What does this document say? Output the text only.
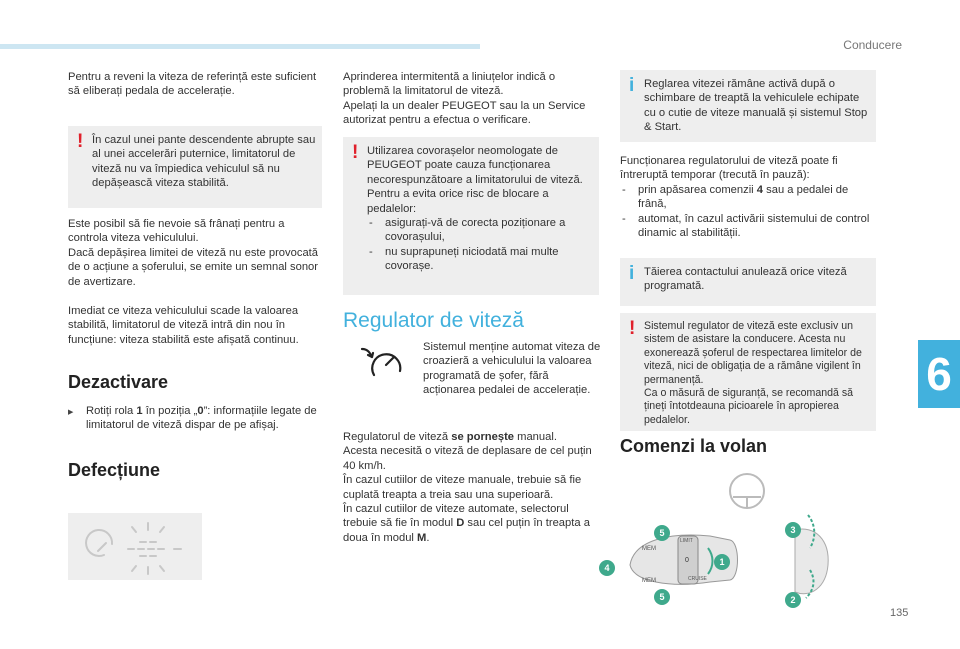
Conducere
6
135
Pentru a reveni la viteza de referință este suficient să eliberați pedala de accelerație.
! În cazul unei pante descendente abrupte sau al unei accelerări puternice, limitatorul de viteză nu va împiedica vehiculul să nu depășească viteza stabilită.
Este posibil să fie nevoie să frânați pentru a controla viteza vehiculului.
Dacă depășirea limitei de viteză nu este provocată de o acțiune a șoferului, se emite un semnal sonor de avertizare.
Imediat ce viteza vehiculului scade la valoarea stabilită, limitatorul de viteză intră din nou în funcțiune: viteza stabilită este afișată continuu.
Dezactivare
▶ Rotiți rola 1 în poziția „0”: informațiile legate de limitatorul de viteză dispar de pe afișaj.
Defecțiune
Aprinderea intermitentă a liniuțelor indică o problemă la limitatorul de viteză.
Apelați la un dealer PEUGEOT sau la un Service autorizat pentru a efectua o verificare.
! Utilizarea covorașelor neomologate de PEUGEOT poate cauza funcționarea necorespunzătoare a limitatorului de viteză.
Pentru a evita orice risc de blocare a pedalelor:
- asigurați-vă de corecta poziționare a covorașului,
- nu suprapuneți niciodată mai multe covorașe.
Regulator de viteză
Sistemul menține automat viteza de croazieră a vehiculului la valoarea programată de șofer, fără acționarea pedalei de accelerație.
Regulatorul de viteză se pornește manual.
Acesta necesită o viteză de deplasare de cel puțin 40 km/h.
În cazul cutiilor de viteze manuale, trebuie să fie cuplată treapta a treia sau una superioară.
În cazul cutiilor de viteze automate, selectorul trebuie să fie în modul D sau cel puțin în treapta a doua în modul M.
i Reglarea vitezei rămâne activă după o schimbare de treaptă la vehiculele echipate cu o cutie de viteze manuală și sistemul Stop & Start.
Funcționarea regulatorului de viteză poate fi întreruptă temporar (trecută în pauză):
- prin apăsarea comenzii 4 sau a pedalei de frână,
- automat, în cazul activării sistemului de control dinamic al stabilității.
i Tăierea contactului anulează orice viteză programată.
! Sistemul regulator de viteză este exclusiv un sistem de asistare la conducere. Acesta nu exonerează șoferul de respectarea limitelor de viteză, nici de obligația de a rămâne vigilent în permanență.
Ca o măsură de siguranță, se recomandă să țineți întotdeauna picioarele în apropierea pedalelor.
Comenzi la volan
MEM
LIMIT
0
CRUISE
MEM
5
1
4
5
3
2
